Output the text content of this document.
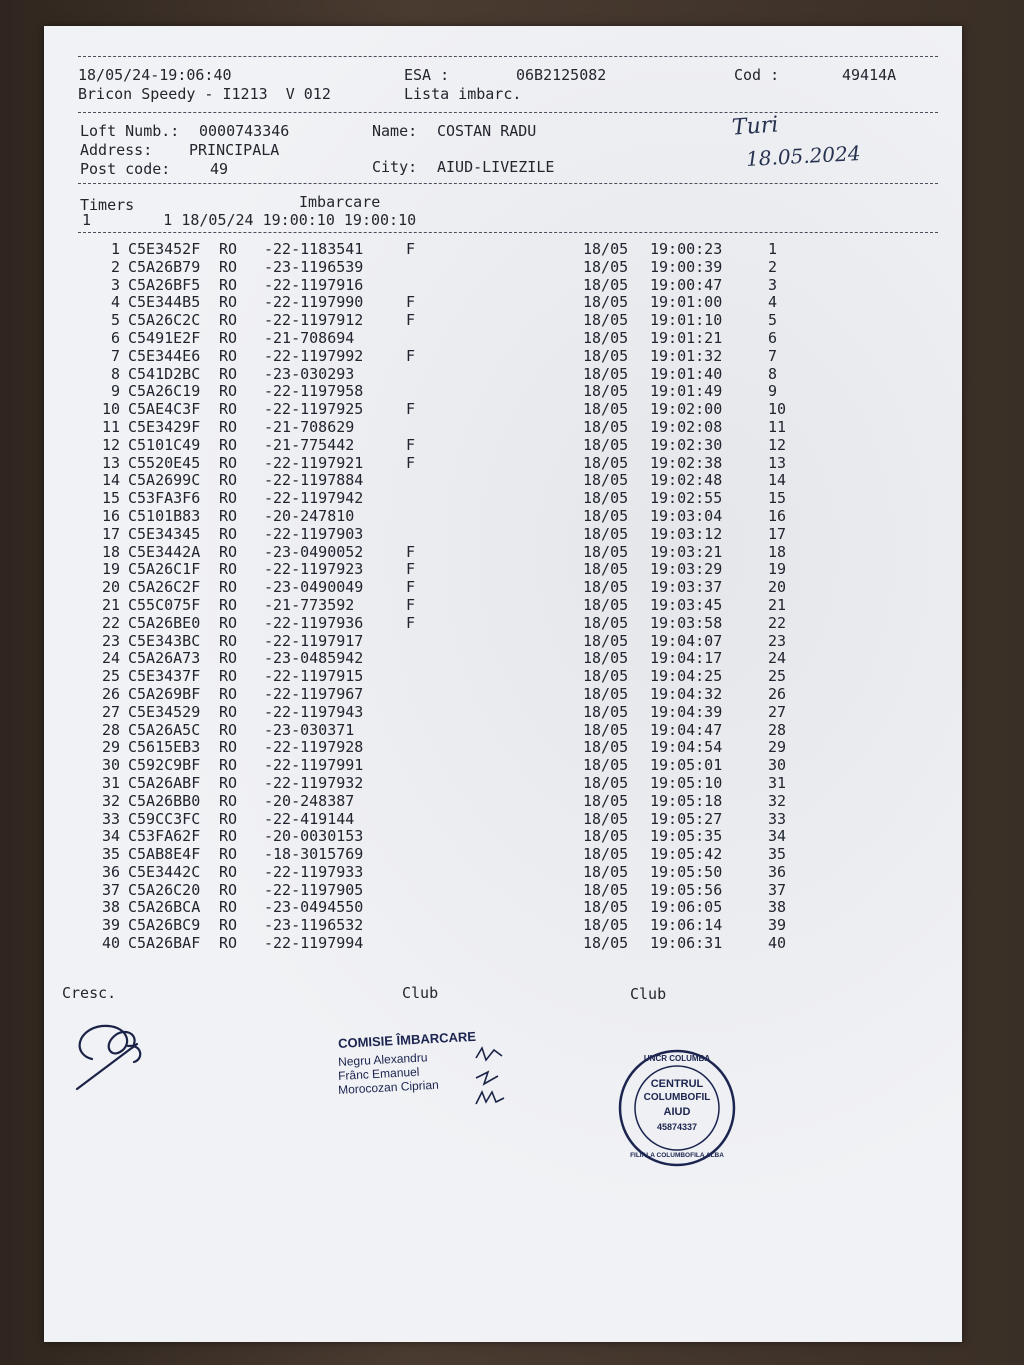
18/05/24-19:06:40	ESA :	06B2125082	Cod :	49414A
Bricon Speedy - I1213  V 012	Lista imbarc.
Loft Numb.: 0000743346	Name: COSTAN RADU
Address: PRINCIPALA
Post code:	49	City: AIUD-LIVEZILE
Turi
18.05.2024
Timers	Imbarcare
1        1 18/05/24 19:00:10 19:00:10
1 C5E3452F RO -22-1183541	F	18/05 19:00:23	1
2 C5A26B79 RO -23-1196539	18/05 19:00:39	2
3 C5A26BF5 RO -22-1197916	18/05 19:00:47	3
4 C5E344B5 RO -22-1197990	F	18/05 19:01:00	4
5 C5A26C2C RO -22-1197912	F	18/05 19:01:10	5
6 C5491E2F RO -21-708694	18/05 19:01:21	6
7 C5E344E6 RO -22-1197992	F	18/05 19:01:32	7
8 C541D2BC RO -23-030293	18/05 19:01:40	8
9 C5A26C19 RO -22-1197958	18/05 19:01:49	9
10 C5AE4C3F RO -22-1197925	F	18/05 19:02:00	10
11 C5E3429F RO -21-708629	18/05 19:02:08	11
12 C5101C49 RO -21-775442	F	18/05 19:02:30	12
13 C5520E45 RO -22-1197921	F	18/05 19:02:38	13
14 C5A2699C RO -22-1197884	18/05 19:02:48	14
15 C53FA3F6 RO -22-1197942	18/05 19:02:55	15
16 C5101B83 RO -20-247810	18/05 19:03:04	16
17 C5E34345 RO -22-1197903	18/05 19:03:12	17
18 C5E3442A RO -23-0490052	F	18/05 19:03:21	18
19 C5A26C1F RO -22-1197923	F	18/05 19:03:29	19
20 C5A26C2F RO -23-0490049	F	18/05 19:03:37	20
21 C55C075F RO -21-773592	F	18/05 19:03:45	21
22 C5A26BE0 RO -22-1197936	F	18/05 19:03:58	22
23 C5E343BC RO -22-1197917	18/05 19:04:07	23
24 C5A26A73 RO -23-0485942	18/05 19:04:17	24
25 C5E3437F RO -22-1197915	18/05 19:04:25	25
26 C5A269BF RO -22-1197967	18/05 19:04:32	26
27 C5E34529 RO -22-1197943	18/05 19:04:39	27
28 C5A26A5C RO -23-030371	18/05 19:04:47	28
29 C5615EB3 RO -22-1197928	18/05 19:04:54	29
30 C592C9BF RO -22-1197991	18/05 19:05:01	30
31 C5A26ABF RO -22-1197932	18/05 19:05:10	31
32 C5A26BB0 RO -20-248387	18/05 19:05:18	32
33 C59CC3FC RO -22-419144	18/05 19:05:27	33
34 C53FA62F RO -20-0030153	18/05 19:05:35	34
35 C5AB8E4F RO -18-3015769	18/05 19:05:42	35
36 C5E3442C RO -22-1197933	18/05 19:05:50	36
37 C5A26C20 RO -22-1197905	18/05 19:05:56	37
38 C5A26BCA RO -23-0494550	18/05 19:06:05	38
39 C5A26BC9 RO -23-1196532	18/05 19:06:14	39
40 C5A26BAF RO -22-1197994	18/05 19:06:31	40
Cresc.	Club	Club
COMISIE ÎMBARCARE
Negru Alexandru
Frânc Emanuel
Morocozan Ciprian
UNCR COLUMBA
CENTRUL
COLUMBOFIL
AIUD
45874337
FILIALA COLUMBOFILA ALBA
